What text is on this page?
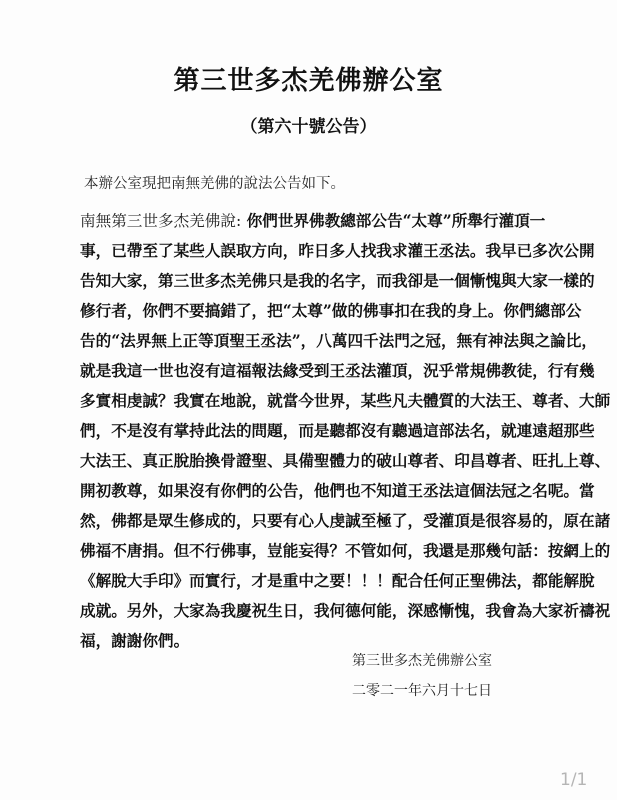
第三世多杰羌佛辦公室
（第六十號公告）
本辦公室現把南無羌佛的說法公告如下。
南無第三世多杰羌佛說: 你們世界佛教總部公告“太尊”所舉行灌頂一
事，已帶至了某些人誤取方向，昨日多人找我求灌王丞法。我早已多次公開
告知大家，第三世多杰羌佛只是我的名字，而我卻是一個慚愧與大家一樣的
修行者，你們不要搞錯了，把“太尊”做的佛事扣在我的身上。你們總部公
告的“法界無上正等頂聖王丞法”，八萬四千法門之冠，無有神法與之論比，
就是我這一世也沒有這福報法緣受到王丞法灌頂，況乎常規佛教徒，行有幾
多實相虔誠？我實在地說，就當今世界，某些凡夫體質的大法王、尊者、大師
們，不是沒有掌持此法的問題，而是聽都沒有聽過這部法名，就連遠超那些
大法王、真正脫胎換骨證聖、具備聖體力的破山尊者、印昌尊者、旺扎上尊、
開初教尊，如果沒有你們的公告，他們也不知道王丞法這個法冠之名呢。當
然，佛都是眾生修成的，只要有心人虔誠至極了，受灌頂是很容易的，原在諸
佛福不唐捐。但不行佛事，豈能妄得？不管如何，我還是那幾句話：按網上的
《解脫大手印》而實行，才是重中之要！！！配合任何正聖佛法，都能解脫
成就。另外，大家為我慶祝生日，我何德何能，深感慚愧，我會為大家祈禱祝
福，謝謝你們。
第三世多杰羌佛辦公室
二零二一年六月十七日
1/1
